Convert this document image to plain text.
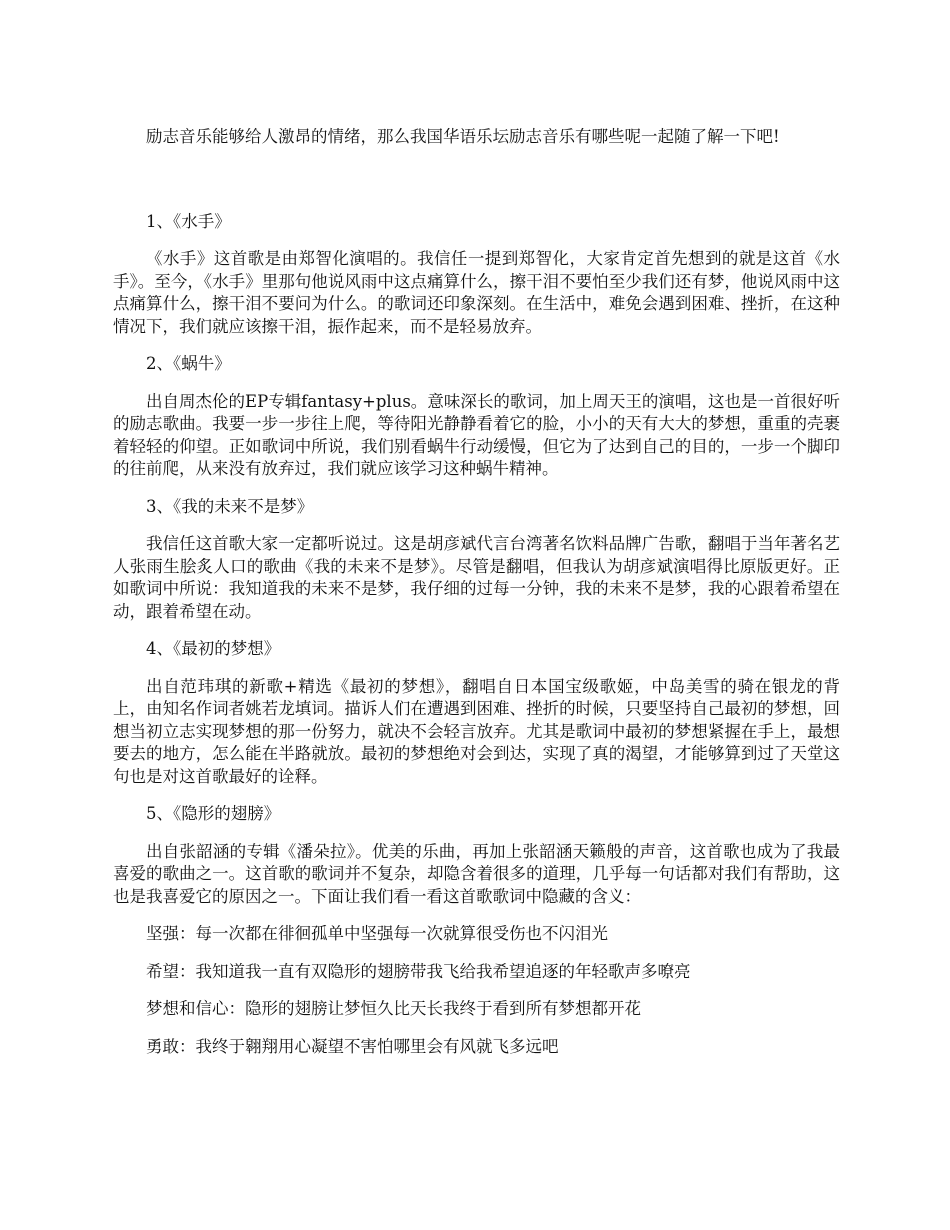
励志音乐能够给人激昂的情绪，那么我国华语乐坛励志音乐有哪些呢一起随了解一下吧!

1、《水手》

《水手》这首歌是由郑智化演唱的。我信任一提到郑智化，大家肯定首先想到的就是这首《水手》。至今，《水手》里那句他说风雨中这点痛算什么，擦干泪不要怕至少我们还有梦，他说风雨中这点痛算什么，擦干泪不要问为什么。的歌词还印象深刻。在生活中，难免会遇到困难、挫折，在这种情况下，我们就应该擦干泪，振作起来，而不是轻易放弃。

2、《蜗牛》

出自周杰伦的EP专辑fantasy+plus。意味深长的歌词，加上周天王的演唱，这也是一首很好听的励志歌曲。我要一步一步往上爬，等待阳光静静看着它的脸，小小的天有大大的梦想，重重的壳裹着轻轻的仰望。正如歌词中所说，我们别看蜗牛行动缓慢，但它为了达到自己的目的，一步一个脚印的往前爬，从来没有放弃过，我们就应该学习这种蜗牛精神。

3、《我的未来不是梦》

我信任这首歌大家一定都听说过。这是胡彦斌代言台湾著名饮料品牌广告歌，翻唱于当年著名艺人张雨生脍炙人口的歌曲《我的未来不是梦》。尽管是翻唱，但我认为胡彦斌演唱得比原版更好。正如歌词中所说：我知道我的未来不是梦，我仔细的过每一分钟，我的未来不是梦，我的心跟着希望在动，跟着希望在动。

4、《最初的梦想》

出自范玮琪的新歌+精选《最初的梦想》，翻唱自日本国宝级歌姬，中岛美雪的骑在银龙的背上，由知名作词者姚若龙填词。描诉人们在遭遇到困难、挫折的时候，只要坚持自己最初的梦想，回想当初立志实现梦想的那一份努力，就决不会轻言放弃。尤其是歌词中最初的梦想紧握在手上，最想要去的地方，怎么能在半路就放。最初的梦想绝对会到达，实现了真的渴望，才能够算到过了天堂这句也是对这首歌最好的诠释。

5、《隐形的翅膀》

出自张韶涵的专辑《潘朵拉》。优美的乐曲，再加上张韶涵天籁般的声音，这首歌也成为了我最喜爱的歌曲之一。这首歌的歌词并不复杂，却隐含着很多的道理，几乎每一句话都对我们有帮助，这也是我喜爱它的原因之一。下面让我们看一看这首歌歌词中隐藏的含义：

坚强：每一次都在徘徊孤单中坚强每一次就算很受伤也不闪泪光

希望：我知道我一直有双隐形的翅膀带我飞给我希望追逐的年轻歌声多嘹亮

梦想和信心：隐形的翅膀让梦恒久比天长我终于看到所有梦想都开花

勇敢：我终于翱翔用心凝望不害怕哪里会有风就飞多远吧
